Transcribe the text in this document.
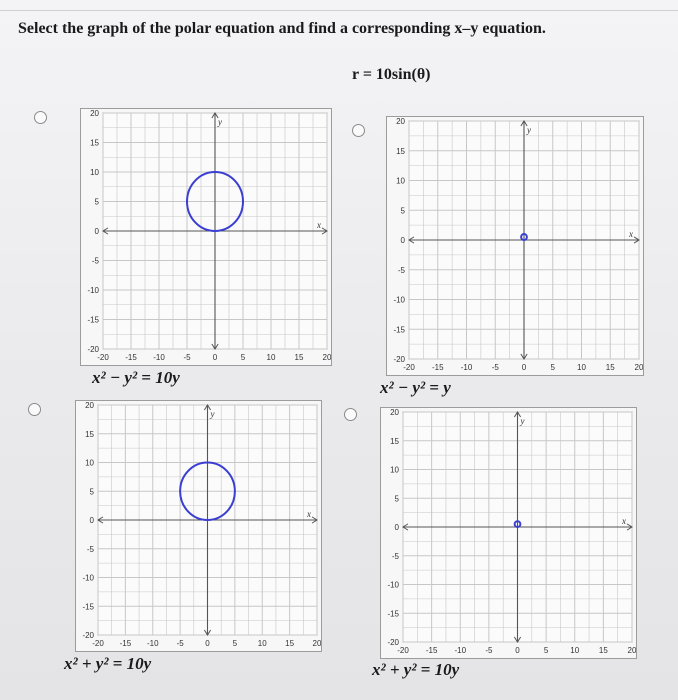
Select the graph of the polar equation and find a corresponding x–y equation.
r = 10sin(θ)
x
y
20
15
10
5
0
-5
-10
-15
-20
-20 -15 -10 -5	0	5	10 15 20
x² − y² = 10y
x
y
20
15
10
5
0
-5
-10
-15
-20
-20 -15 -10 -5	0	5	10 15 20
x² − y² = y
x
y
20
15
10
5
0
-5
-10
-15
-20
-20 -15 -10 -5	0	5	10 15 20
x² + y² = 10y
x
y
20
15
10
5
0
-5
-10
-15
-20
-20 -15 -10 -5	0	5	10 15 20
x² + y² = 10y
